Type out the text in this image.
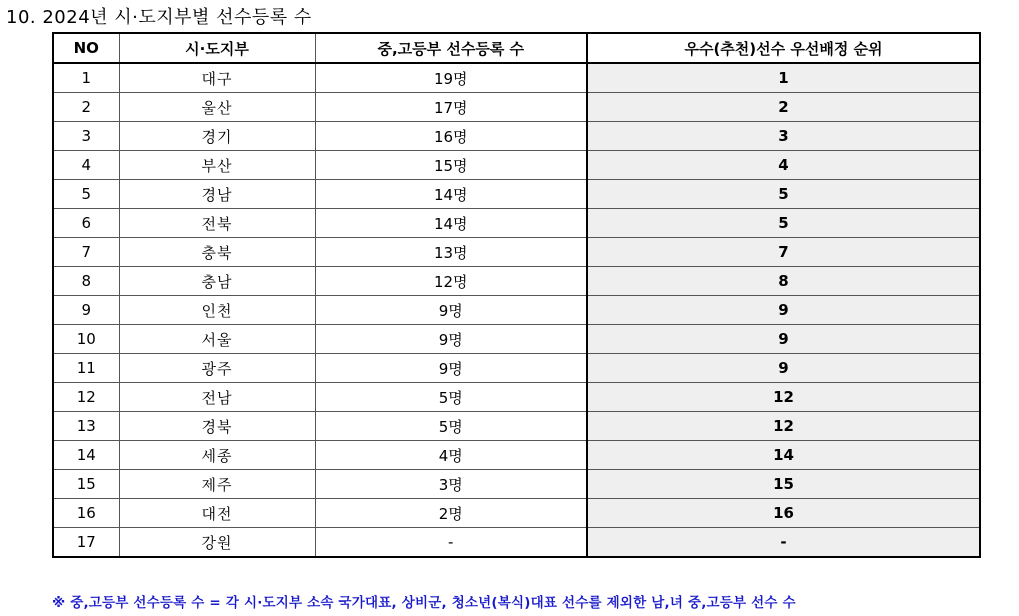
10. 2024년 시·도지부별 선수등록 수
NO	시·도지부	중,고등부 선수등록 수	우수(추천)선수 우선배정 순위
1	대구	19명	1
2	울산	17명	2
3	경기	16명	3
4	부산	15명	4
5	경남	14명	5
6	전북	14명	5
7	충북	13명	7
8	충남	12명	8
9	인천	9명	9
10	서울	9명	9
11	광주	9명	9
12	전남	5명	12
13	경북	5명	12
14	세종	4명	14
15	제주	3명	15
16	대전	2명	16
17	강원	-	-
※ 중,고등부 선수등록 수 = 각 시·도지부 소속 국가대표, 상비군, 청소년(복식)대표 선수를 제외한 남,녀 중,고등부 선수 수
